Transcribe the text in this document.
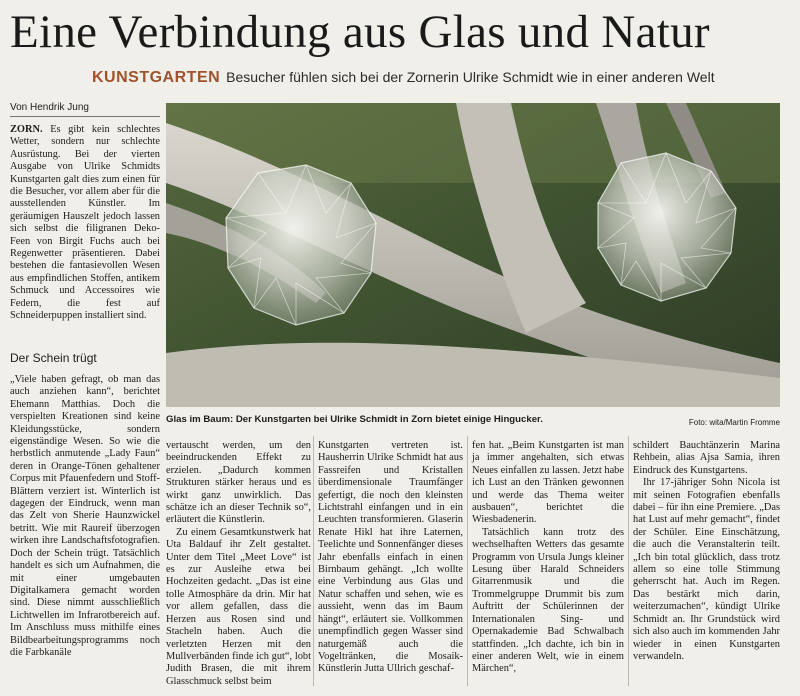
Eine Verbindung aus Glas und Natur
KUNSTGARTEN Besucher fühlen sich bei der Zornerin Ulrike Schmidt wie in einer anderen Welt
Von Hendrik Jung

ZORN. Es gibt kein schlechtes Wetter, sondern nur schlechte Ausrüstung. Bei der vierten Ausgabe von Ulrike Schmidts Kunstgarten galt dies zum einen für die Besucher, vor allem aber für die ausstellenden Künstler. Im geräumigen Hauszelt jedoch lassen sich selbst die filigranen Deko-Feen von Birgit Fuchs auch bei Regenwetter präsentieren. Dabei bestehen die fantasievollen Wesen aus empfindlichen Stoffen, antikem Schmuck und Accessoires wie Federn, die fest auf Schneiderpuppen installiert sind.

Der Schein trügt

„Viele haben gefragt, ob man das auch anziehen kann“, berichtet Ehemann Matthias. Doch die verspielten Kreationen sind keine Kleidungsstücke, sondern eigenständige Wesen. So wie die herbstlich anmutende „Lady Faun“ deren in Orange-Tönen gehaltener Corpus mit Pfauenfedern und Stoff-Blättern verziert ist. Winterlich ist dagegen der Eindruck, wenn man das Zelt von Sherie Haunzwickel betritt. Wie mit Raureif überzogen wirken ihre Landschaftsfotografien. Doch der Schein trügt. Tatsächlich handelt es sich um Aufnahmen, die mit einer umgebauten Digitalkamera gemacht worden sind. Diese nimmt ausschließlich Lichtwellen im Infrarotbereich auf. Im Anschluss muss mithilfe eines Bildbearbeitungsprogramms noch die Farbkanäle

Glas im Baum: Der Kunstgarten bei Ulrike Schmidt in Zorn bietet einige Hingucker.	Foto: wita/Martin Fromme

vertauscht werden, um den beeindruckenden Effekt zu erzielen. „Dadurch kommen Strukturen stärker heraus und es wirkt ganz unwirklich. Das schätze ich an dieser Technik so“, erläutert die Künstlerin.

Zu einem Gesamtkunstwerk hat Uta Baldauf ihr Zelt gestaltet. Unter dem Titel „Meet Love“ ist es zur Ausleihe etwa bei Hochzeiten gedacht. „Das ist eine tolle Atmosphäre da drin. Mir hat vor allem gefallen, dass die Herzen aus Rosen sind und Stacheln haben. Auch die verletzten Herzen mit den Mullverbänden finde ich gut“, lobt Judith Brasen, die mit ihrem Glasschmuck selbst beim

Kunstgarten vertreten ist. Hausherrin Ulrike Schmidt hat aus Fassreifen und Kristallen überdimensionale Traumfänger gefertigt, die noch den kleinsten Lichtstrahl einfangen und in ein Leuchten transformieren. Glaserin Renate Hikl hat ihre Laternen, Teelichte und Sonnenfänger dieses Jahr ebenfalls einfach in einen Birnbaum gehängt. „Ich wollte eine Verbindung aus Glas und Natur schaffen und sehen, wie es aussieht, wenn das im Baum hängt“, erläutert sie. Vollkommen unempfindlich gegen Wasser sind naturgemäß auch die Vogeltränken, die Mosaik-Künstlerin Jutta Ullrich geschaf-

fen hat. „Beim Kunstgarten ist man ja immer angehalten, sich etwas Neues einfallen zu lassen. Jetzt habe ich Lust an den Tränken gewonnen und werde das Thema weiter ausbauen“, berichtet die Wiesbadenerin.

Tatsächlich kann trotz des wechselhaften Wetters das gesamte Programm von Ursula Jungs kleiner Lesung über Harald Schneiders Gitarrenmusik und die Trommelgruppe Drummit bis zum Auftritt der Schülerinnen der Internationalen Sing- und Opernakademie Bad Schwalbach stattfinden. „Ich dachte, ich bin in einer anderen Welt, wie in einem Märchen“,

schildert Bauchtänzerin Marina Rehbein, alias Ajsa Samia, ihren Eindruck des Kunstgartens.

Ihr 17-jähriger Sohn Nicola ist mit seinen Fotografien ebenfalls dabei – für ihn eine Premiere. „Das hat Lust auf mehr gemacht“, findet der Schüler. Eine Einschätzung, die auch die Veranstalterin teilt. „Ich bin total glücklich, dass trotz allem so eine tolle Stimmung geherrscht hat. Auch im Regen. Das bestärkt mich darin, weiterzumachen“, kündigt Ulrike Schmidt an. Ihr Grundstück wird sich also auch im kommenden Jahr wieder in einen Kunstgarten verwandeln.
